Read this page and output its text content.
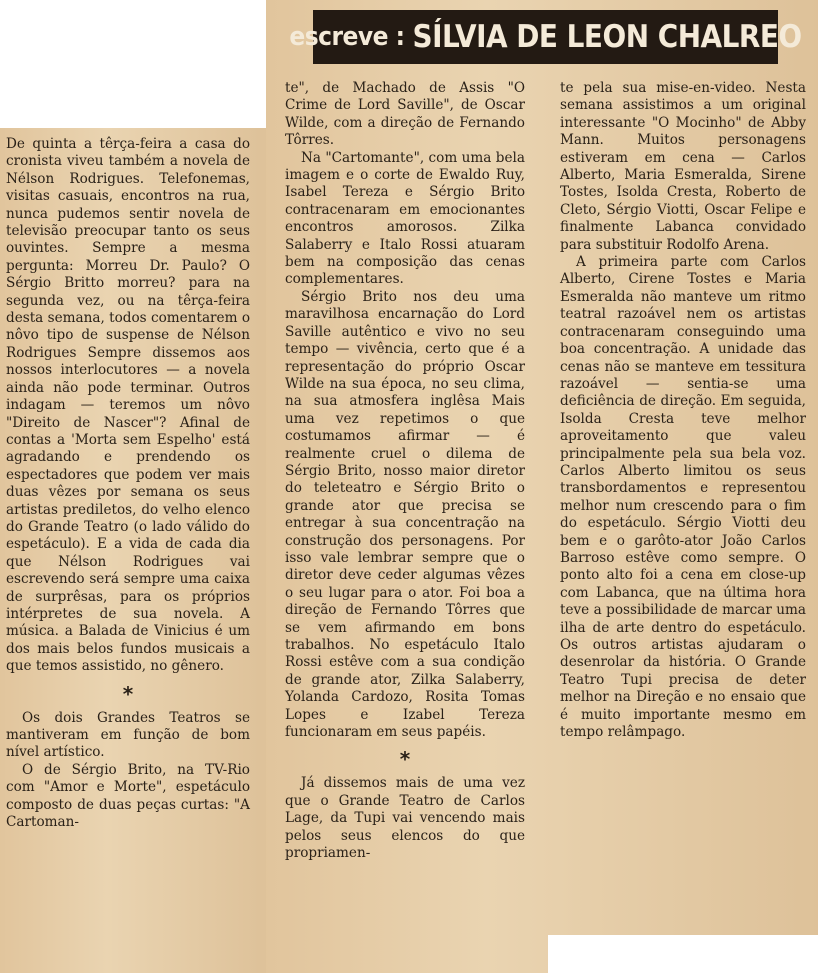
escreve : SÍLVIA DE LEON CHALREO

De quinta a têrça-feira a casa do cronista viveu também a novela de Nélson Rodrigues. Telefonemas, visitas casuais, encontros na rua, nunca pudemos sentir novela de televisão preocupar tanto os seus ouvintes. Sempre a mesma pergunta: Morreu Dr. Paulo? O Sérgio Britto morreu? para na segunda vez, ou na têrça-feira desta semana, todos comentarem o nôvo tipo de suspense de Nélson Rodrigues Sempre dissemos aos nossos interlocutores — a novela ainda não pode terminar. Outros indagam — teremos um nôvo "Direito de Nascer"? Afinal de contas a 'Morta sem Espelho' está agradando e prendendo os espectadores que podem ver mais duas vêzes por semana os seus artistas prediletos, do velho elenco do Grande Teatro (o lado válido do espetáculo). E a vida de cada dia que Nélson Rodrigues vai escrevendo será sempre uma caixa de surprêsas, para os próprios intérpretes de sua novela. A música. a Balada de Vinicius é um dos mais belos fundos musicais a que temos assistido, no gênero.

*

Os dois Grandes Teatros se mantiveram em função de bom nível artístico.

O de Sérgio Brito, na TV-Rio com "Amor e Morte", espetáculo composto de duas peças curtas: "A Cartoman-

te", de Machado de Assis "O Crime de Lord Saville", de Oscar Wilde, com a direção de Fernando Tôrres.

Na "Cartomante", com uma bela imagem e o corte de Ewaldo Ruy, Isabel Tereza e Sérgio Brito contracenaram em emocionantes encontros amorosos. Zilka Salaberry e Italo Rossi atuaram bem na composição das cenas complementares.

Sérgio Brito nos deu uma maravilhosa encarnação do Lord Saville autêntico e vivo no seu tempo — vivência, certo que é a representação do próprio Oscar Wilde na sua época, no seu clima, na sua atmosfera inglêsa Mais uma vez repetimos o que costumamos afirmar — é realmente cruel o dilema de Sérgio Brito, nosso maior diretor do teleteatro e Sérgio Brito o grande ator que precisa se entregar à sua concentração na construção dos personagens. Por isso vale lembrar sempre que o diretor deve ceder algumas vêzes o seu lugar para o ator. Foi boa a direção de Fernando Tôrres que se vem afirmando em bons trabalhos. No espetáculo Italo Rossi estêve com a sua condição de grande ator, Zilka Salaberry, Yolanda Cardozo, Rosita Tomas Lopes e Izabel Tereza funcionaram em seus papéis.

*

Já dissemos mais de uma vez que o Grande Teatro de Carlos Lage, da Tupi vai vencendo mais pelos seus elencos do que propriamen-

te pela sua mise-en-video. Nesta semana assistimos a um original interessante "O Mocinho" de Abby Mann. Muitos personagens estiveram em cena — Carlos Alberto, Maria Esmeralda, Sirene Tostes, Isolda Cresta, Roberto de Cleto, Sérgio Viotti, Oscar Felipe e finalmente Labanca convidado para substituir Rodolfo Arena.

A primeira parte com Carlos Alberto, Cirene Tostes e Maria Esmeralda não manteve um ritmo teatral razoável nem os artistas contracenaram conseguindo uma boa concentração. A unidade das cenas não se manteve em tessitura razoável — sentia-se uma deficiência de direção. Em seguida, Isolda Cresta teve melhor aproveitamento que valeu principalmente pela sua bela voz. Carlos Alberto limitou os seus transbordamentos e representou melhor num crescendo para o fim do espetáculo. Sérgio Viotti deu bem e o garôto-ator João Carlos Barroso estêve como sempre. O ponto alto foi a cena em close-up com Labanca, que na última hora teve a possibilidade de marcar uma ilha de arte dentro do espetáculo. Os outros artistas ajudaram o desenrolar da história. O Grande Teatro Tupi precisa de deter melhor na Direção e no ensaio que é muito importante mesmo em tempo relâmpago.
